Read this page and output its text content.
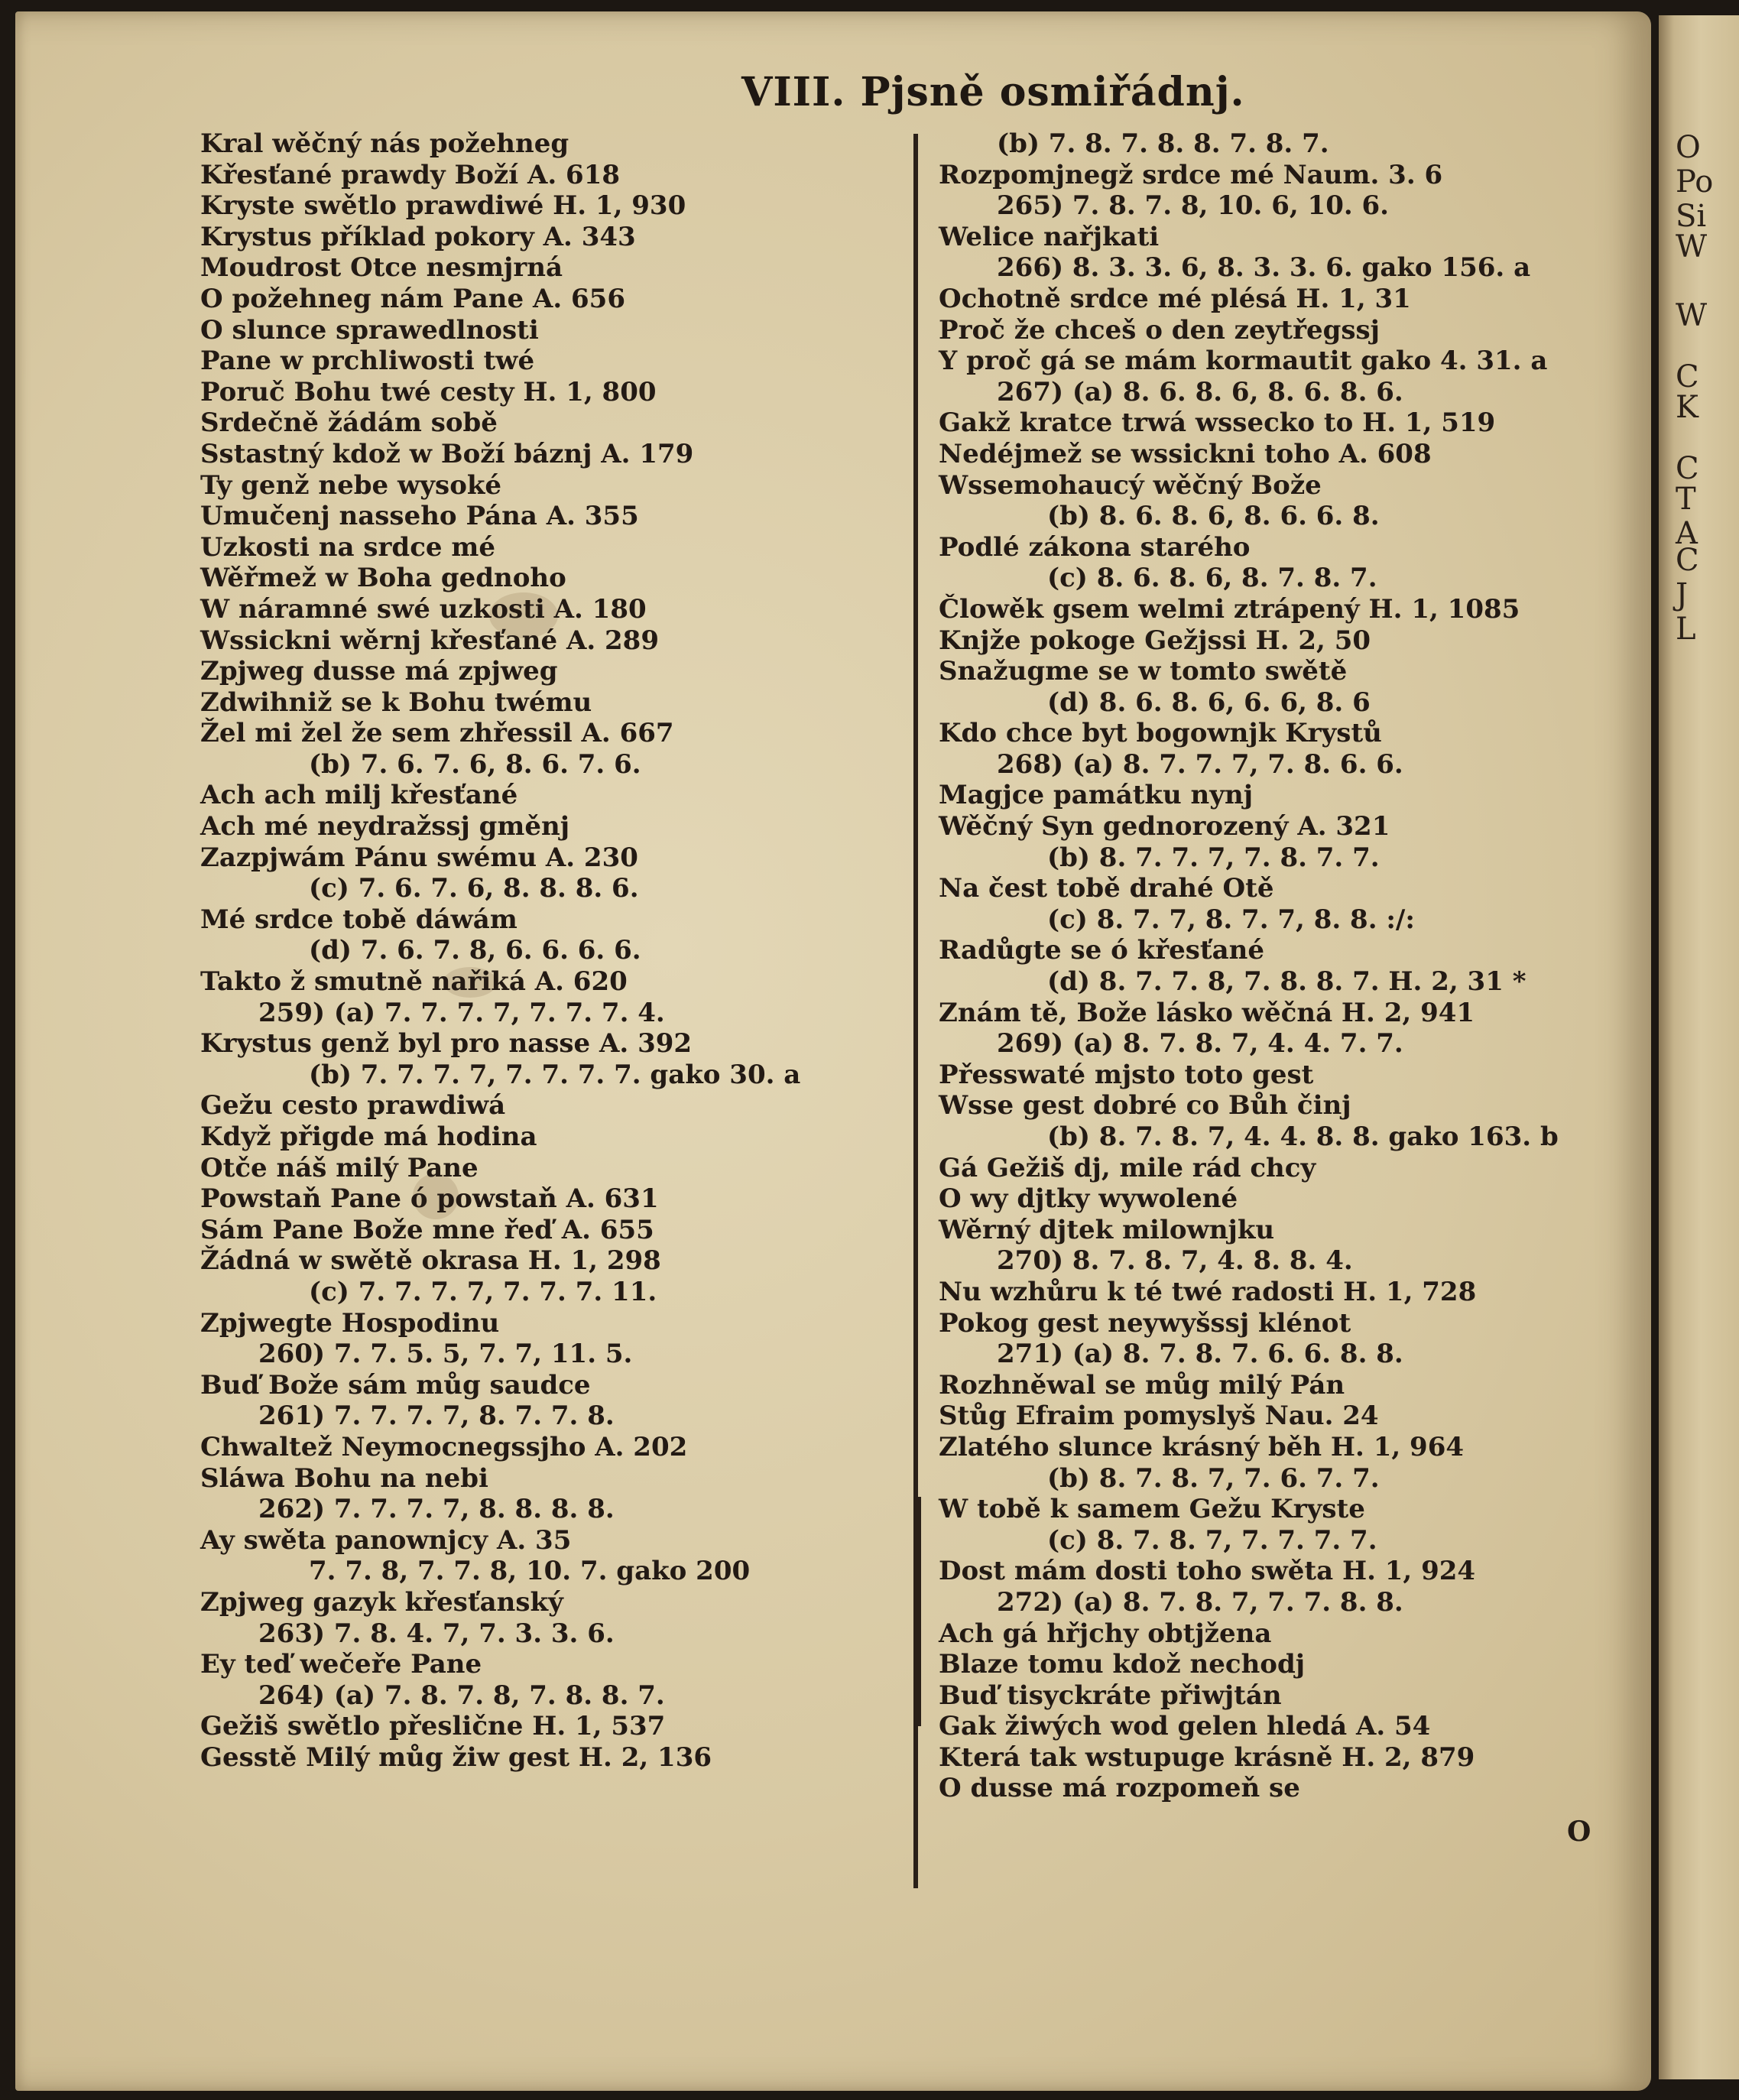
O
Po
Si
W
W
C
K
C
T
A
C
J
L
VIII. Pjsně osmiřádnj.
Kral wěčný nás požehneg
Křesťané prawdy Boží A. 618
Kryste swětlo prawdiwé H. 1, 930
Krystus příklad pokory A. 343
Moudrost Otce nesmjrná
O požehneg nám Pane A. 656
O slunce sprawedlnosti
Pane w prchliwosti twé
Poruč Bohu twé cesty H. 1, 800
Srdečně žádám sobě
Sstastný kdož w Boží báznj A. 179
Ty genž nebe wysoké
Umučenj nasseho Pána A. 355
Uzkosti na srdce mé
Wěřmež w Boha gednoho
W náramné swé uzkosti A. 180
Wssickni wěrnj křesťané A. 289
Zpjweg dusse má zpjweg
Zdwihniž se k Bohu twému
Žel mi žel že sem zhřessil A. 667
(b) 7. 6. 7. 6, 8. 6. 7. 6.
Ach ach milj křesťané
Ach mé neydražssj gměnj
Zazpjwám Pánu swému A. 230
(c) 7. 6. 7. 6, 8. 8. 8. 6.
Mé srdce tobě dáwám
(d) 7. 6. 7. 8, 6. 6. 6. 6.
Takto ž smutně nařiká A. 620
259) (a) 7. 7. 7. 7, 7. 7. 7. 4.
Krystus genž byl pro nasse A. 392
(b) 7. 7. 7. 7, 7. 7. 7. 7. gako 30. a
Gežu cesto prawdiwá
Když přigde má hodina
Otče náš milý Pane
Powstaň Pane ó powstaň A. 631
Sám Pane Bože mne řeď A. 655
Žádná w swětě okrasa H. 1, 298
(c) 7. 7. 7. 7, 7. 7. 7. 11.
Zpjwegte Hospodinu
260) 7. 7. 5. 5, 7. 7, 11. 5.
Buď Bože sám můg saudce
261) 7. 7. 7. 7, 8. 7. 7. 8.
Chwaltež Neymocnegssjho A. 202
Sláwa Bohu na nebi
262) 7. 7. 7. 7, 8. 8. 8. 8.
Ay swěta panownjcy A. 35
7. 7. 8, 7. 7. 8, 10. 7. gako 200
Zpjweg gazyk křesťanský
263) 7. 8. 4. 7, 7. 3. 3. 6.
Ey teď wečeře Pane
264) (a) 7. 8. 7. 8, 7. 8. 8. 7.
Gežiš swětlo přeslične H. 1, 537
Gesstě Milý můg žiw gest H. 2, 136
(b) 7. 8. 7. 8. 8. 7. 8. 7.
Rozpomjnegž srdce mé Naum. 3. 6
265) 7. 8. 7. 8, 10. 6, 10. 6.
Welice nařjkati
266) 8. 3. 3. 6, 8. 3. 3. 6. gako 156. a
Ochotně srdce mé plésá H. 1, 31
Proč že chceš o den zeytřegssj
Y proč gá se mám kormautit gako 4. 31. a
267) (a) 8. 6. 8. 6, 8. 6. 8. 6.
Gakž kratce trwá wssecko to H. 1, 519
Nedéjmež se wssickni toho A. 608
Wssemohaucý wěčný Bože
(b) 8. 6. 8. 6, 8. 6. 6. 8.
Podlé zákona starého
(c) 8. 6. 8. 6, 8. 7. 8. 7.
Člowěk gsem welmi ztrápený H. 1, 1085
Knjže pokoge Gežjssi H. 2, 50
Snažugme se w tomto swětě
(d) 8. 6. 8. 6, 6. 6, 8. 6
Kdo chce byt bogownjk Krystů
268) (a) 8. 7. 7. 7, 7. 8. 6. 6.
Magjce památku nynj
Wěčný Syn gednorozený A. 321
(b) 8. 7. 7. 7, 7. 8. 7. 7.
Na čest tobě drahé Otě
(c) 8. 7. 7, 8. 7. 7, 8. 8. :/:
Radůgte se ó křesťané
(d) 8. 7. 7. 8, 7. 8. 8. 7. H. 2, 31 *
Znám tě, Bože lásko wěčná H. 2, 941
269) (a) 8. 7. 8. 7, 4. 4. 7. 7.
Přesswaté mjsto toto gest
Wsse gest dobré co Bůh činj
(b) 8. 7. 8. 7, 4. 4. 8. 8. gako 163. b
Gá Gežiš dj, mile rád chcy
O wy djtky wywolené
Wěrný djtek milownjku
270) 8. 7. 8. 7, 4. 8. 8. 4.
Nu wzhůru k té twé radosti H. 1, 728
Pokog gest neywyšssj klénot
271) (a) 8. 7. 8. 7. 6. 6. 8. 8.
Rozhněwal se můg milý Pán
Stůg Efraim pomyslyš Nau. 24
Zlatého slunce krásný běh H. 1, 964
(b) 8. 7. 8. 7, 7. 6. 7. 7.
W tobě k samem Gežu Kryste
(c) 8. 7. 8. 7, 7. 7. 7. 7.
Dost mám dosti toho swěta H. 1, 924
272) (a) 8. 7. 8. 7, 7. 7. 8. 8.
Ach gá hřjchy obtjžena
Blaze tomu kdož nechodj
Buď tisyckráte přiwjtán
Gak žiwých wod gelen hledá A. 54
Která tak wstupuge krásně H. 2, 879
O dusse má rozpomeň se
O
